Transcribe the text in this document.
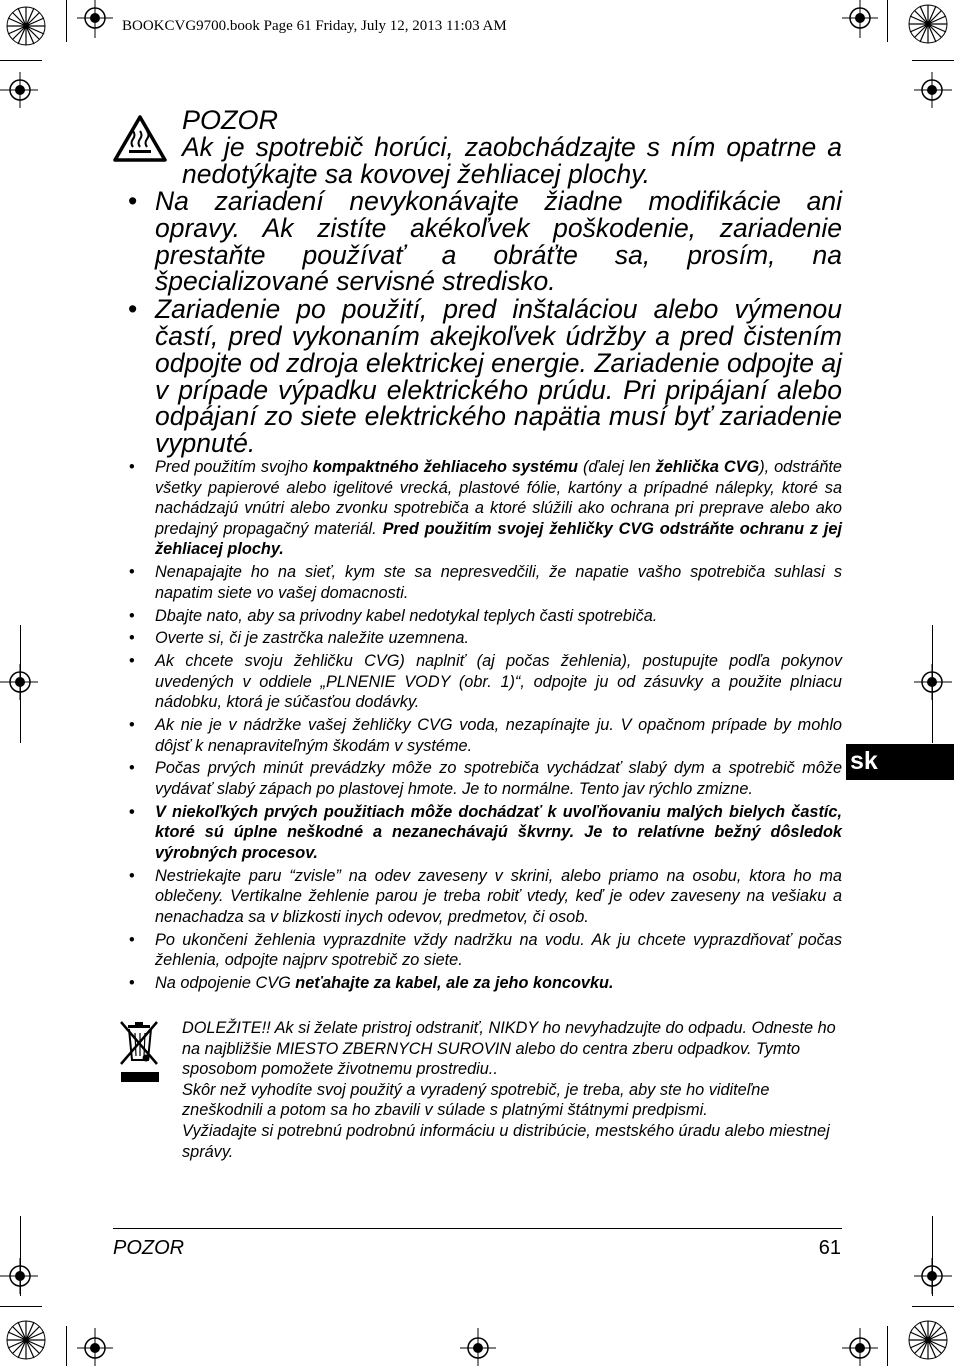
BOOKCVG9700.book Page 61 Friday, July 12, 2013 11:03 AM
POZOR
Ak je spotrebič horúci, zaobchádzajte s ním opatrne a nedotýkajte sa kovovej žehliacej plochy.
• Na zariadení nevykonávajte žiadne modifikácie ani opravy. Ak zistíte akékoľvek poškodenie, zariadenie prestaňte používať a obráťte sa, prosím, na špecializované servisné stredisko.
• Zariadenie po použití, pred inštaláciou alebo výmenou častí, pred vykonaním akejkoľvek údržby a pred čistením odpojte od zdroja elektrickej energie. Zariadenie odpojte aj v prípade výpadku elektrického prúdu. Pri pripájaní alebo odpájaní zo siete elektrického napätia musí byť zariadenie vypnuté.
• Pred použitím svojho kompaktného žehliaceho systému (ďalej len žehlička CVG), odstráňte všetky papierové alebo igelitové vrecká, plastové fólie, kartóny a prípadné nálepky, ktoré sa nachádzajú vnútri alebo zvonku spotrebiča a ktoré slúžili ako ochrana pri preprave alebo ako predajný propagačný materiál. Pred použitím svojej žehličky CVG odstráňte ochranu z jej žehliacej plochy.
• Nenapajajte ho na sieť, kym ste sa nepresvedčili, že napatie vašho spotrebiča suhlasi s napatim siete vo vašej domacnosti.
• Dbajte nato, aby sa privodny kabel nedotykal teplych časti spotrebiča.
• Overte si, či je zastrčka naležite uzemnena.
• Ak chcete svoju žehličku CVG) naplniť (aj počas žehlenia), postupujte podľa pokynov uvedených v oddiele „PLNENIE VODY (obr. 1)“, odpojte ju od zásuvky a použite plniacu nádobku, ktorá je súčasťou dodávky.
• Ak nie je v nádržke vašej žehličky CVG voda, nezapínajte ju. V opačnom prípade by mohlo dôjsť k nenapraviteľným škodám v systéme.
• Počas prvých minút prevádzky môže zo spotrebiča vychádzať slabý dym a spotrebič môže vydávať slabý zápach po plastovej hmote. Je to normálne. Tento jav rýchlo zmizne.
• V niekoľkých prvých použitiach môže dochádzať k uvoľňovaniu malých bielych častíc, ktoré sú úplne neškodné a nezanechávajú škvrny. Je to relatívne bežný dôsledok výrobných procesov.
• Nestriekajte paru “zvisle” na odev zaveseny v skrini, alebo priamo na osobu, ktora ho ma oblečeny. Vertikalne žehlenie parou je treba robiť vtedy, keď je odev zaveseny na vešiaku a nenachadza sa v blizkosti inych odevov, predmetov, či osob.
• Po ukončeni žehlenia vyprazdnite vždy nadržku na vodu. Ak ju chcete vyprazdňovať počas žehlenia, odpojte najprv spotrebič zo siete.
• Na odpojenie CVG neťahajte za kabel, ale za jeho koncovku.
DOLEŽITE!! Ak si želate pristroj odstraniť, NIKDY ho nevyhadzujte do odpadu. Odneste ho na najbližšie MIESTO ZBERNYCH SUROVIN alebo do centra zberu odpadkov. Tymto sposobom pomožete životnemu prostrediu..
Skôr než vyhodíte svoj použitý a vyradený spotrebič, je treba, aby ste ho viditeľne zneškodnili a potom sa ho zbavili v súlade s platnými štátnymi predpismi.
Vyžiadajte si potrebnú podrobnú informáciu u distribúcie, mestského úradu alebo miestnej správy.
sk
POZOR	61
